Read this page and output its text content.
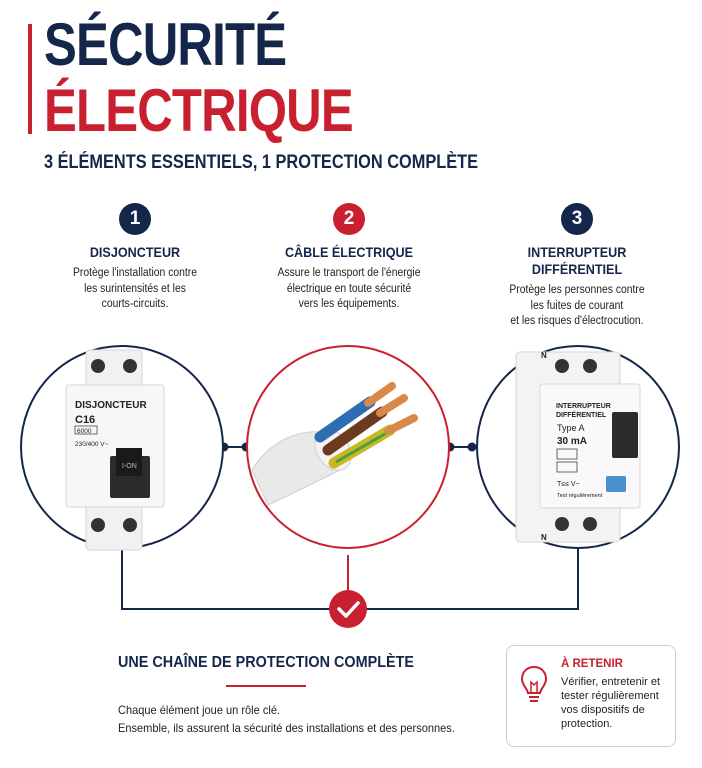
SÉCURITÉ
ÉLECTRIQUE
3 ÉLÉMENTS ESSENTIELS, 1 PROTECTION COMPLÈTE
1
DISJONCTEUR
Protège l'installation contre
les surintensités et les
courts-circuits.
2
CÂBLE ÉLECTRIQUE
Assure le transport de l'énergie
électrique en toute sécurité
vers les équipements.
3
INTERRUPTEUR
DIFFÉRENTIEL
Protège les personnes contre
les fuites de courant
et les risques d'électrocution.
DISJONCTEUR
C16
6000
230/400 V~
I-ON
N
N
INTERRUPTEUR
DIFFÉRENTIEL
Type A
30 mA
T≤≤ V~
Test régulièrement
UNE CHAÎNE DE PROTECTION COMPLÈTE
Chaque élément joue un rôle clé.
Ensemble, ils assurent la sécurité des installations et des personnes.
À RETENIR
Vérifier, entretenir et tester régulièrement vos dispositifs de protection.
